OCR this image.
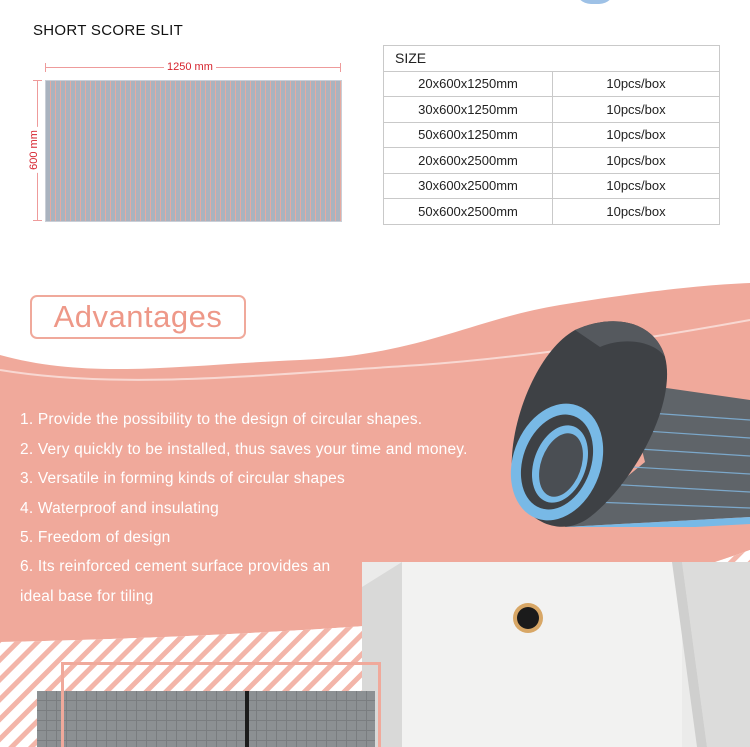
SHORT SCORE SLIT
1250 mm
600 mm
SIZE	
20x600x1250mm	10pcs/box
30x600x1250mm	10pcs/box
50x600x1250mm	10pcs/box
20x600x2500mm	10pcs/box
30x600x2500mm	10pcs/box
50x600x2500mm	10pcs/box
Advantages
1. Provide the possibility to the design of circular shapes.
2. Very quickly to be installed, thus saves your time and money.
3. Versatile in forming kinds of circular shapes
4. Waterproof and insulating
5. Freedom of design
6. Its reinforced cement surface provides an
ideal base for tiling
